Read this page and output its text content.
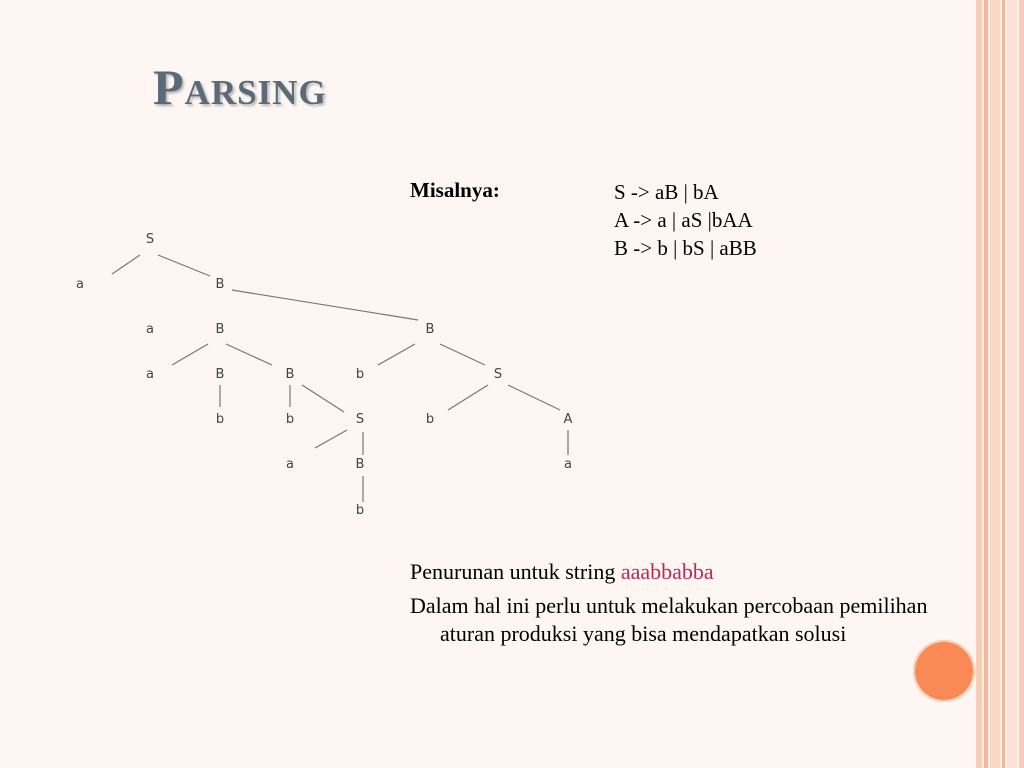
Parsing
Misalnya:	S -> aB | bA
A -> a | aS |bAA
B -> b | bS | aBB
S
a	B
a	B	B
a	B	B	b	S
b	b	S	b	A
a	B	a
b
Penurunan untuk string aaabbabba
Dalam hal ini perlu untuk melakukan percobaan pemilihan aturan produksi yang bisa mendapatkan solusi
